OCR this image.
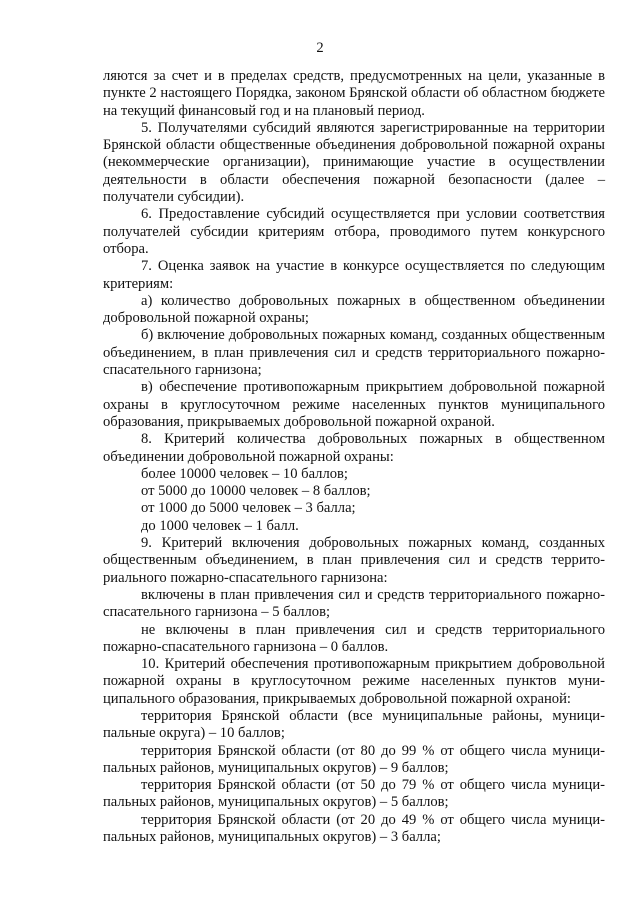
2

ляются за счет и в пределах средств, предусмотренных на цели, указанные в пункте 2 настоящего Порядка, законом Брянской области об областном бюджете на текущий финансовый год и на плановый период.

5. Получателями субсидий являются зарегистрированные на территории Брянской области общественные объединения добровольной пожарной охраны (некоммерческие организации), принимающие участие в осуществлении деятельности в области обеспечения пожарной безопасности (далее – получатели субсидии).

6. Предоставление субсидий осуществляется при условии соответствия получателей субсидии критериям отбора, проводимого путем конкурсного отбора.

7. Оценка заявок на участие в конкурсе осуществляется по следующим критериям:

а) количество добровольных пожарных в общественном объединении добровольной пожарной охраны;

б) включение добровольных пожарных команд, созданных общественным объединением, в план привлечения сил и средств территориального пожарно-спасательного гарнизона;

в) обеспечение противопожарным прикрытием добровольной пожарной охраны в круглосуточном режиме населенных пунктов муниципального образования, прикрываемых добровольной пожарной охраной.

8. Критерий количества добровольных пожарных в общественном объединении добровольной пожарной охраны:

более 10000 человек – 10 баллов;

от 5000 до 10000 человек – 8 баллов;

от 1000 до 5000 человек – 3 балла;

до 1000 человек – 1 балл.

9. Критерий включения добровольных пожарных команд, созданных общественным объединением, в план привлечения сил и средств территориального пожарно-спасательного гарнизона:

включены в план привлечения сил и средств территориального пожарно-спасательного гарнизона – 5 баллов;

не включены в план привлечения сил и средств территориального пожарно-спасательного гарнизона – 0 баллов.

10. Критерий обеспечения противопожарным прикрытием добровольной пожарной охраны в круглосуточном режиме населенных пунктов муниципального образования, прикрываемых добровольной пожарной охраной:

территория Брянской области (все муниципальные районы, муниципальные округа) – 10 баллов;

территория Брянской области (от 80 до 99 % от общего числа муниципальных районов, муниципальных округов) – 9 баллов;

территория Брянской области (от 50 до 79 % от общего числа муниципальных районов, муниципальных округов) – 5 баллов;

территория Брянской области (от 20 до 49 % от общего числа муниципальных районов, муниципальных округов) – 3 балла;
